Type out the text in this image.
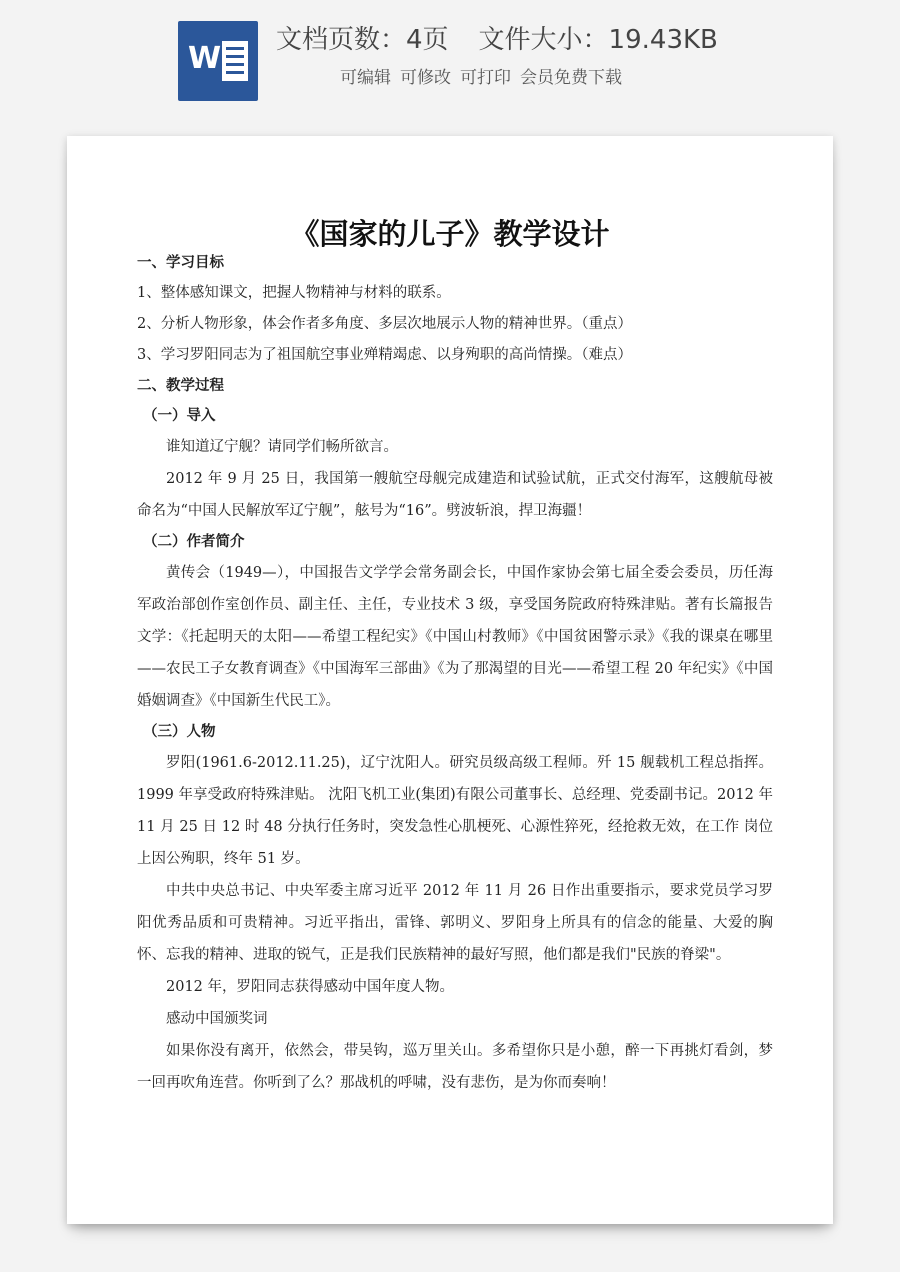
W
文档页数：4页 文件大小：19.43KB
可编辑 可修改 可打印 会员免费下载
《国家的儿子》教学设计

一、学习目标

1、整体感知课文，把握人物精神与材料的联系。

2、分析人物形象，体会作者多角度、多层次地展示人物的精神世界。（重点）

3、学习罗阳同志为了祖国航空事业殚精竭虑、以身殉职的高尚情操。（难点）

二、教学过程

（一）导入

谁知道辽宁舰？请同学们畅所欲言。

2012 年 9 月 25 日，我国第一艘航空母舰完成建造和试验试航，正式交付海军，这艘航母被命名为“中国人民解放军辽宁舰”，舷号为“16”。劈波斩浪，捍卫海疆！

（二）作者简介

黄传会（1949—），中国报告文学学会常务副会长，中国作家协会第七届全委会委员，历任海军政治部创作室创作员、副主任、主任，专业技术 3 级，享受国务院政府特殊津贴。著有长篇报告文学：《托起明天的太阳——希望工程纪实》《中国山村教师》《中国贫困警示录》《我的课桌在哪里——农民工子女教育调查》《中国海军三部曲》《为了那渴望的目光——希望工程 20 年纪实》《中国婚姻调查》《中国新生代民工》。

（三）人物

罗阳(1961.6-2012.11.25)，辽宁沈阳人。研究员级高级工程师。歼 15 舰载机工程总指挥。1999 年享受政府特殊津贴。 沈阳飞机工业(集团)有限公司董事长、总经理、党委副书记。2012 年 11 月 25 日 12 时 48 分执行任务时，突发急性心肌梗死、心源性猝死，经抢救无效，在工作 岗位上因公殉职，终年 51 岁。

中共中央总书记、中央军委主席习近平 2012 年 11 月 26 日作出重要指示，要求党员学习罗阳优秀品质和可贵精神。习近平指出，雷锋、郭明义、罗阳身上所具有的信念的能量、大爱的胸怀、忘我的精神、进取的锐气，正是我们民族精神的最好写照，他们都是我们"民族的脊梁"。

2012 年，罗阳同志获得感动中国年度人物。

感动中国颁奖词

如果你没有离开，依然会，带吴钩，巡万里关山。多希望你只是小憩，醉一下再挑灯看剑，梦一回再吹角连营。你听到了么？那战机的呼啸，没有悲伤，是为你而奏响！
